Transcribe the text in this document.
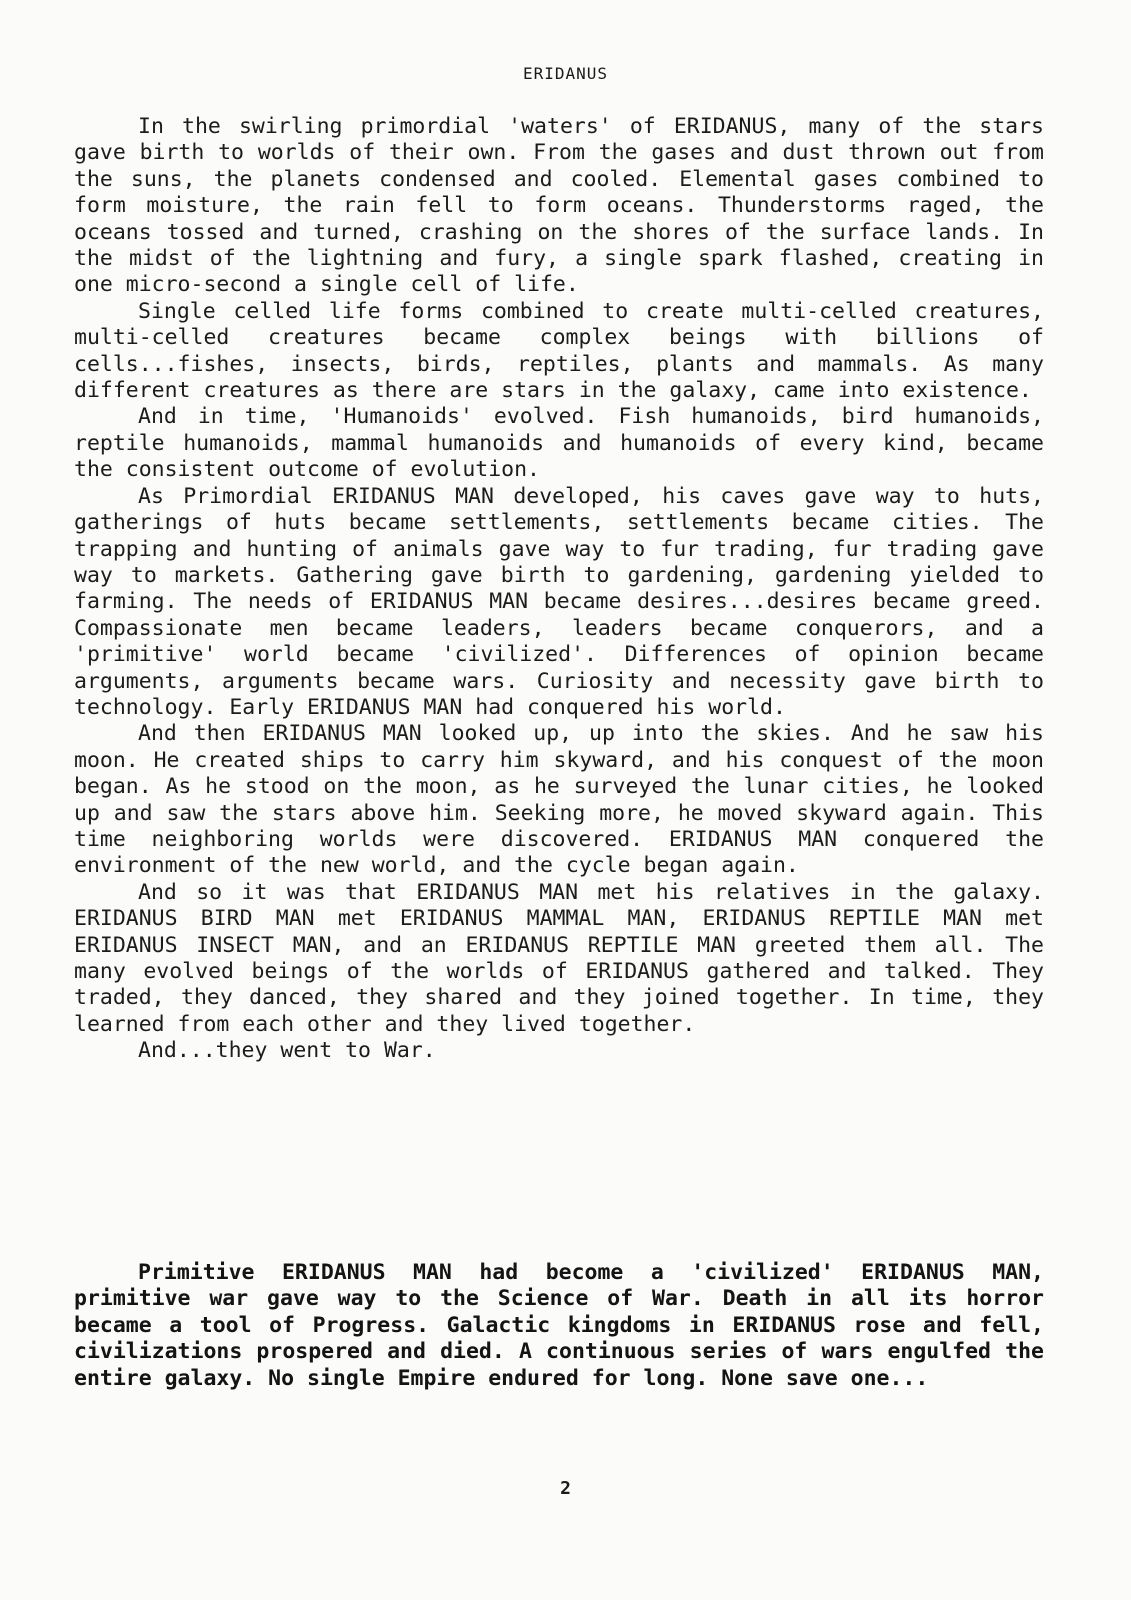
ERIDANUS

In the swirling primordial 'waters' of ERIDANUS, many of the stars gave birth to worlds of their own. From the gases and dust thrown out from the suns, the planets condensed and cooled. Elemental gases combined to form moisture, the rain fell to form oceans. Thunderstorms raged, the oceans tossed and turned, crashing on the shores of the surface lands. In the midst of the lightning and fury, a single spark flashed, creating in one micro-second a single cell of life.

Single celled life forms combined to create multi-celled creatures, multi-celled creatures became complex beings with billions of cells...fishes, insects, birds, reptiles, plants and mammals. As many different creatures as there are stars in the galaxy, came into existence.

And in time, 'Humanoids' evolved. Fish humanoids, bird humanoids, reptile humanoids, mammal humanoids and humanoids of every kind, became the consistent outcome of evolution.

As Primordial ERIDANUS MAN developed, his caves gave way to huts, gatherings of huts became settlements, settlements became cities. The trapping and hunting of animals gave way to fur trading, fur trading gave way to markets. Gathering gave birth to gardening, gardening yielded to farming. The needs of ERIDANUS MAN became desires...desires became greed. Compassionate men became leaders, leaders became conquerors, and a 'primitive' world became 'civilized'. Differences of opinion became arguments, arguments became wars. Curiosity and necessity gave birth to technology. Early ERIDANUS MAN had conquered his world.

And then ERIDANUS MAN looked up, up into the skies. And he saw his moon. He created ships to carry him skyward, and his conquest of the moon began. As he stood on the moon, as he surveyed the lunar cities, he looked up and saw the stars above him. Seeking more, he moved skyward again. This time neighboring worlds were discovered. ERIDANUS MAN conquered the environment of the new world, and the cycle began again.

And so it was that ERIDANUS MAN met his relatives in the galaxy. ERIDANUS BIRD MAN met ERIDANUS MAMMAL MAN, ERIDANUS REPTILE MAN met ERIDANUS INSECT MAN, and an ERIDANUS REPTILE MAN greeted them all. The many evolved beings of the worlds of ERIDANUS gathered and talked. They traded, they danced, they shared and they joined together. In time, they learned from each other and they lived together.

And...they went to War.

Primitive ERIDANUS MAN had become a 'civilized' ERIDANUS MAN, primitive war gave way to the Science of War. Death in all its horror became a tool of Progress. Galactic kingdoms in ERIDANUS rose and fell, civilizations prospered and died. A continuous series of wars engulfed the entire galaxy. No single Empire endured for long. None save one...

2
